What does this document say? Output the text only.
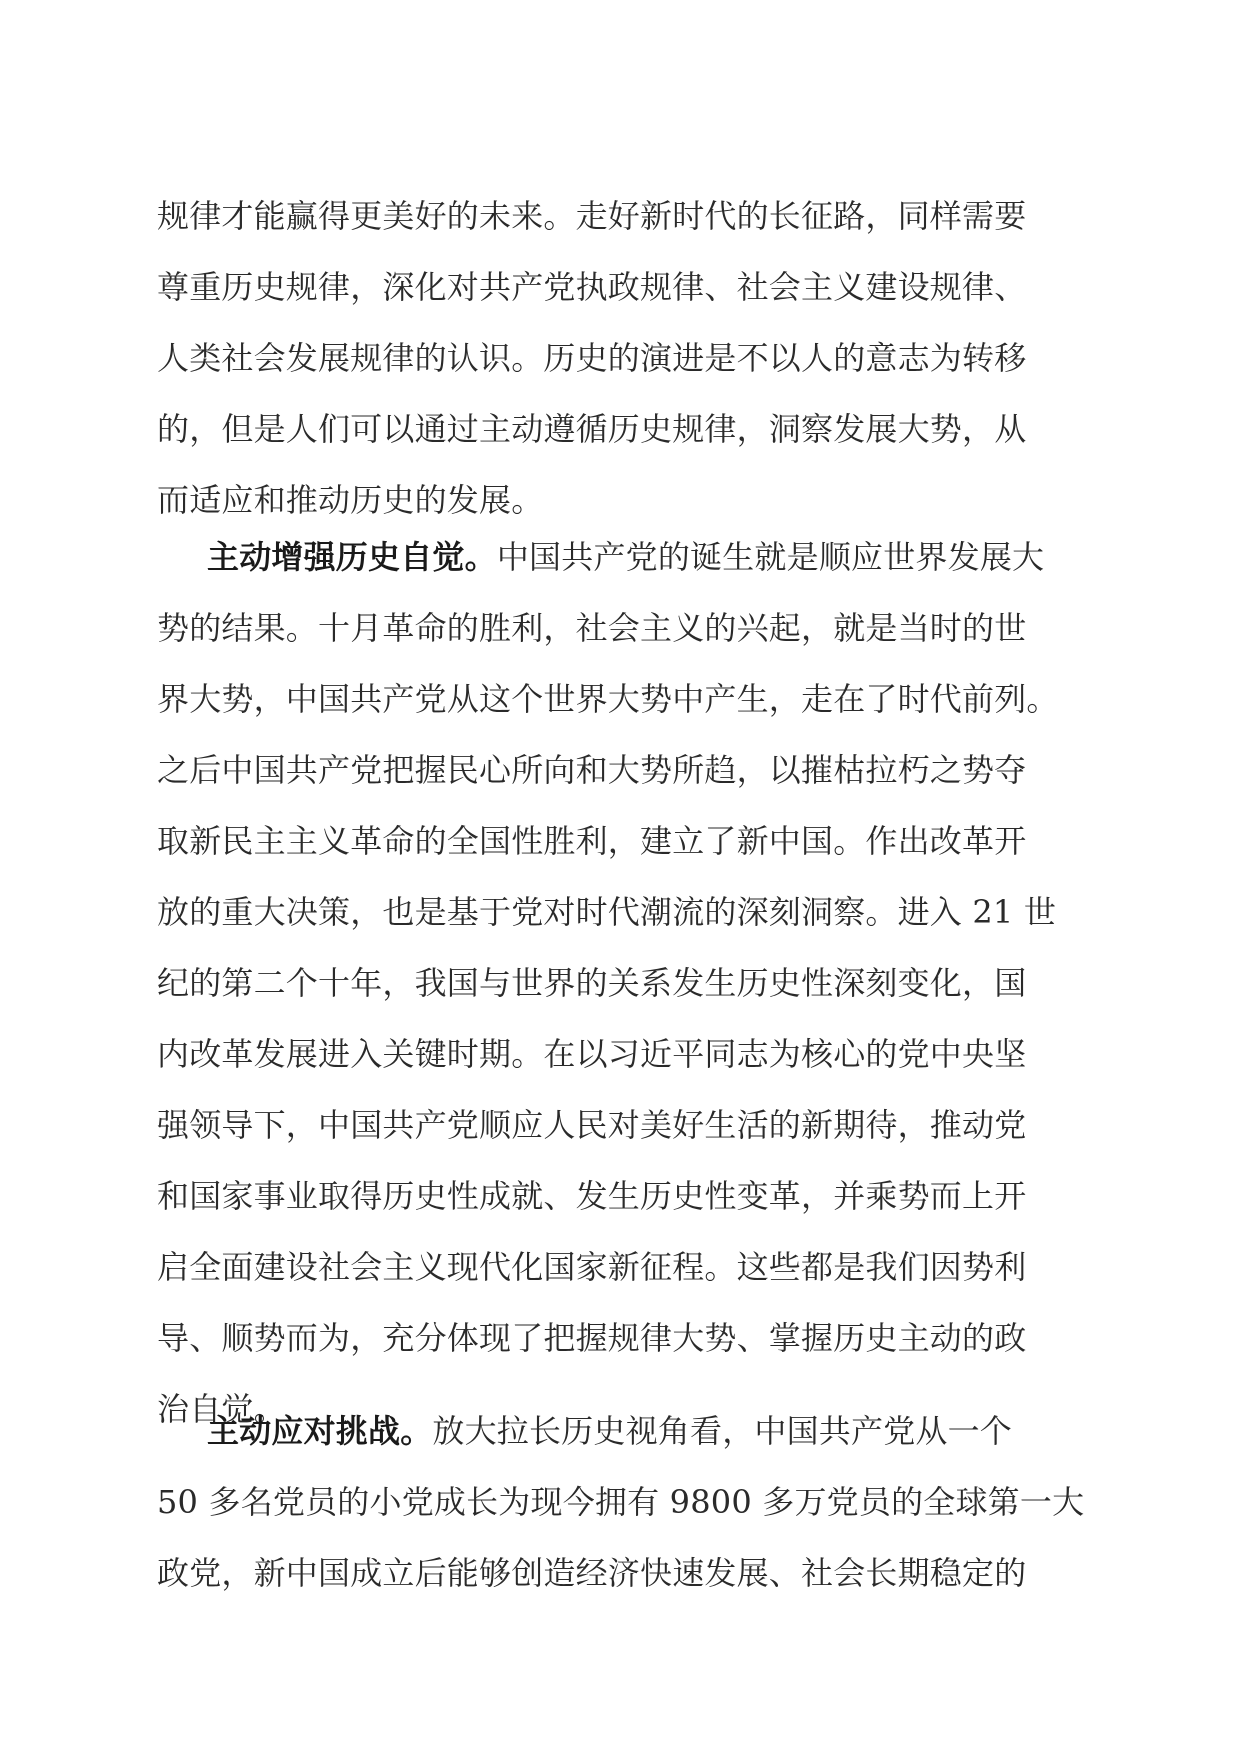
规律才能赢得更美好的未来。走好新时代的长征路，同样需要
尊重历史规律，深化对共产党执政规律、社会主义建设规律、
人类社会发展规律的认识。历史的演进是不以人的意志为转移
的，但是人们可以通过主动遵循历史规律，洞察发展大势，从
而适应和推动历史的发展。
主动增强历史自觉。中国共产党的诞生就是顺应世界发展大
势的结果。十月革命的胜利，社会主义的兴起，就是当时的世
界大势，中国共产党从这个世界大势中产生，走在了时代前列。
之后中国共产党把握民心所向和大势所趋，以摧枯拉朽之势夺
取新民主主义革命的全国性胜利，建立了新中国。作出改革开
放的重大决策，也是基于党对时代潮流的深刻洞察。进入 21 世
纪的第二个十年，我国与世界的关系发生历史性深刻变化，国
内改革发展进入关键时期。在以习近平同志为核心的党中央坚
强领导下，中国共产党顺应人民对美好生活的新期待，推动党
和国家事业取得历史性成就、发生历史性变革，并乘势而上开
启全面建设社会主义现代化国家新征程。这些都是我们因势利
导、顺势而为，充分体现了把握规律大势、掌握历史主动的政
治自觉。
主动应对挑战。放大拉长历史视角看，中国共产党从一个
50 多名党员的小党成长为现今拥有 9800 多万党员的全球第一大
政党，新中国成立后能够创造经济快速发展、社会长期稳定的
